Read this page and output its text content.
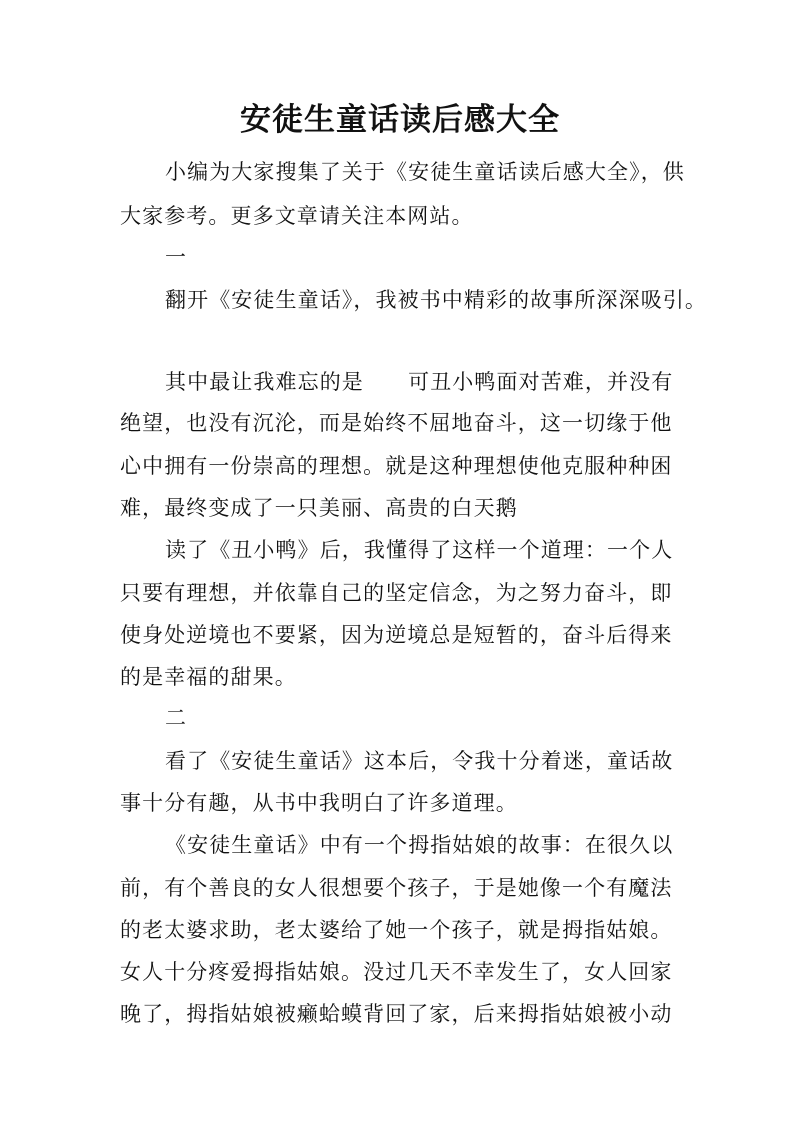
安徒生童话读后感大全

小编为大家搜集了关于《安徒生童话读后感大全》，供

大家参考。更多文章请关注本网站。

一

翻开《安徒生童话》，我被书中精彩的故事所深深吸引。

其中最让我难忘的是　　可丑小鸭面对苦难，并没有

绝望，也没有沉沦，而是始终不屈地奋斗，这一切缘于他

心中拥有一份崇高的理想。就是这种理想使他克服种种困

难，最终变成了一只美丽、高贵的白天鹅

读了《丑小鸭》后，我懂得了这样一个道理：一个人

只要有理想，并依靠自己的坚定信念，为之努力奋斗，即

使身处逆境也不要紧，因为逆境总是短暂的，奋斗后得来

的是幸福的甜果。

二

看了《安徒生童话》这本后，令我十分着迷，童话故

事十分有趣，从书中我明白了许多道理。

《安徒生童话》中有一个拇指姑娘的故事：在很久以

前，有个善良的女人很想要个孩子，于是她像一个有魔法

的老太婆求助，老太婆给了她一个孩子，就是拇指姑娘。

女人十分疼爱拇指姑娘。没过几天不幸发生了，女人回家

晚了，拇指姑娘被癞蛤蟆背回了家，后来拇指姑娘被小动
